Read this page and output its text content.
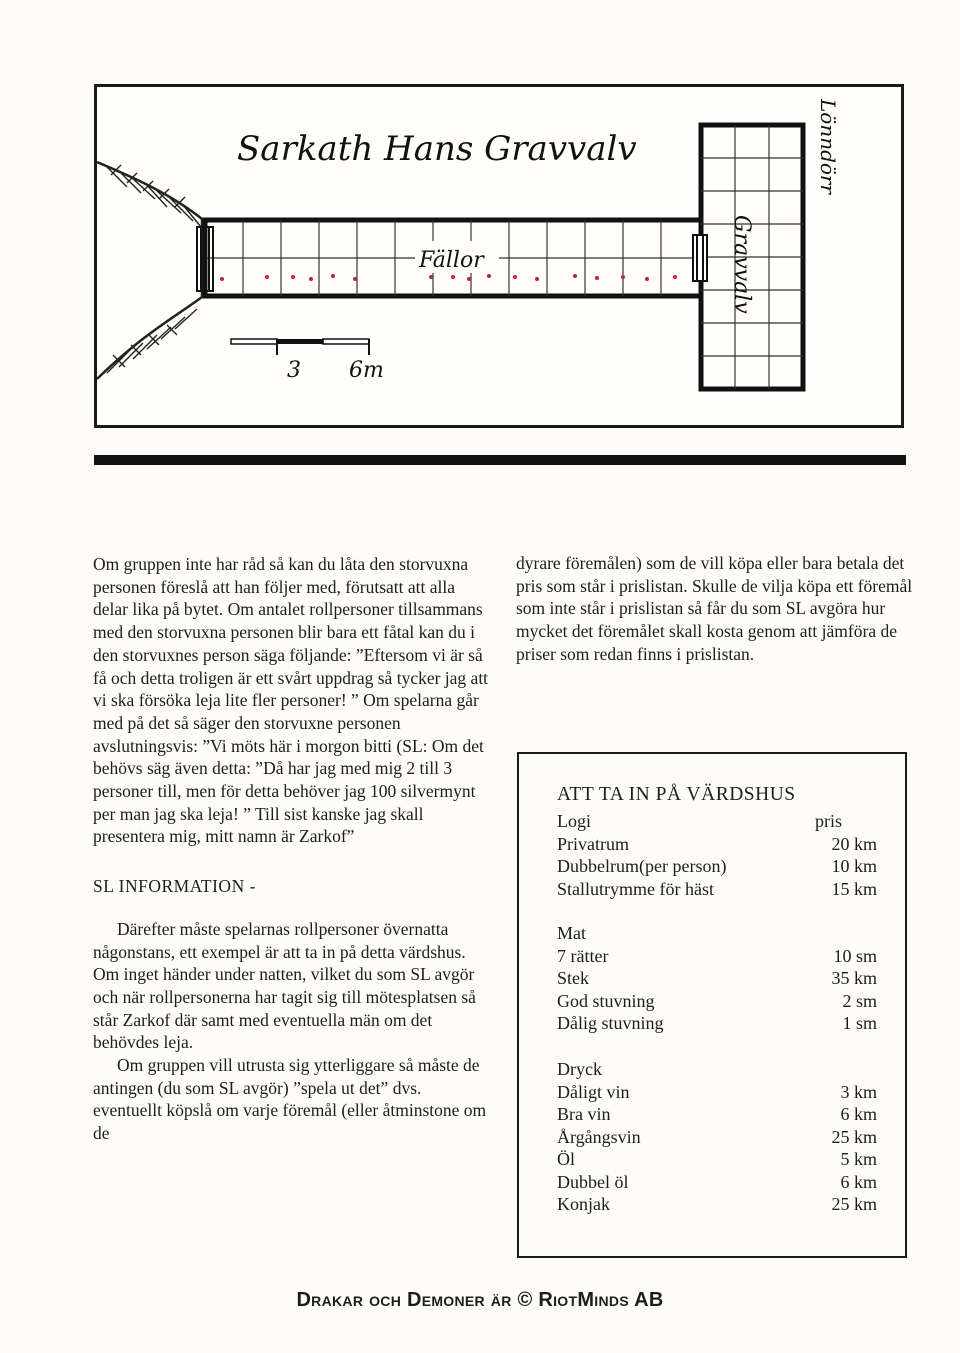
Sarkath Hans Gravvalv
Fällor
3 6m
Gravvalv
Lönndörr

Om gruppen inte har råd så kan du låta den storvuxna personen föreslå att han följer med, förutsatt att alla delar lika på bytet. Om antalet rollpersoner tillsammans med den storvuxna personen blir bara ett fåtal kan du i den storvuxnes person säga följande: ”Eftersom vi är så få och detta troligen är ett svårt uppdrag så tycker jag att vi ska försöka leja lite fler personer! ” Om spelarna går med på det så säger den storvuxne personen avslutningsvis: ”Vi möts här i morgon bitti (SL: Om det behövs säg även detta: ”Då har jag med mig 2 till 3 personer till, men för detta behöver jag 100 silvermynt per man jag ska leja! ” Till sist kanske jag skall presentera mig, mitt namn är Zarkof”

SL INFORMATION -

Därefter måste spelarnas rollpersoner övernatta någonstans, ett exempel är att ta in på detta värdshus. Om inget händer under natten, vilket du som SL avgör och när rollpersonerna har tagit sig till mötesplatsen så står Zarkof där samt med eventuella män om det behövdes leja.

Om gruppen vill utrusta sig ytterliggare så måste de antingen (du som SL avgör) ”spela ut det” dvs. eventuellt köpslå om varje föremål (eller åtminstone om de

dyrare föremålen) som de vill köpa eller bara betala det pris som står i prislistan. Skulle de vilja köpa ett föremål som inte står i prislistan så får du som SL avgöra hur mycket det föremålet skall kosta genom att jämföra de priser som redan finns i prislistan.

ATT TA IN PÅ VÄRDSHUS
Logi	pris
Privatrum	20 km
Dubbelrum(per person)	10 km
Stallutrymme för häst	15 km
Mat
7 rätter	10 sm
Stek	35 km
God stuvning	2 sm
Dålig stuvning	1 sm
Dryck
Dåligt vin	3 km
Bra vin	6 km
Årgångsvin	25 km
Öl	5 km
Dubbel öl	6 km
Konjak	25 km
Drakar och Demoner är © RiotMinds AB
